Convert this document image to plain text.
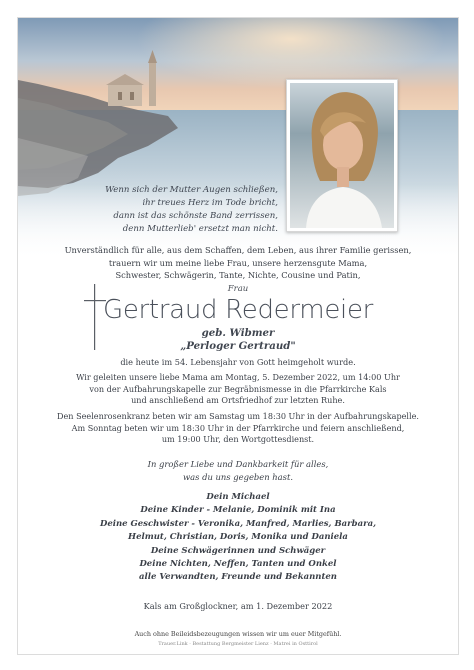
Wenn sich der Mutter Augen schließen,
ihr treues Herz im Tode bricht,
dann ist das schönste Band zerrissen,
denn Mutterlieb' ersetzt man nicht.
Unverständlich für alle, aus dem Schaffen, dem Leben, aus ihrer Familie gerissen,
trauern wir um meine liebe Frau, unsere herzensgute Mama,
Schwester, Schwägerin, Tante, Nichte, Cousine und Patin,
Frau
Gertraud Redermeier
geb. Wibmer
„Perloger Gertraud"
die heute im 54. Lebensjahr von Gott heimgeholt wurde.
Wir geleiten unsere liebe Mama am Montag, 5. Dezember 2022, um 14:00 Uhr
von der Aufbahrungskapelle zur Begräbnismesse in die Pfarrkirche Kals
und anschließend am Ortsfriedhof zur letzten Ruhe.
Den Seelenrosenkranz beten wir am Samstag um 18:30 Uhr in der Aufbahrungskapelle.
Am Sonntag beten wir um 18:30 Uhr in der Pfarrkirche und feiern anschließend,
um 19:00 Uhr, den Wortgottesdienst.
In großer Liebe und Dankbarkeit für alles,
was du uns gegeben hast.
Dein Michael
Deine Kinder - Melanie, Dominik mit Ina
Deine Geschwister - Veronika, Manfred, Marlies, Barbara,
Helmut, Christian, Doris, Monika und Daniela
Deine Schwägerinnen und Schwäger
Deine Nichten, Neffen, Tanten und Onkel
alle Verwandten, Freunde und Bekannten
Kals am Großglockner, am 1. Dezember 2022
Auch ohne Beileidsbezeugungen wissen wir um euer Mitgefühl.
Trauer.Link · Bestattung Bergmeister Lienz · Matrei in Osttirol
